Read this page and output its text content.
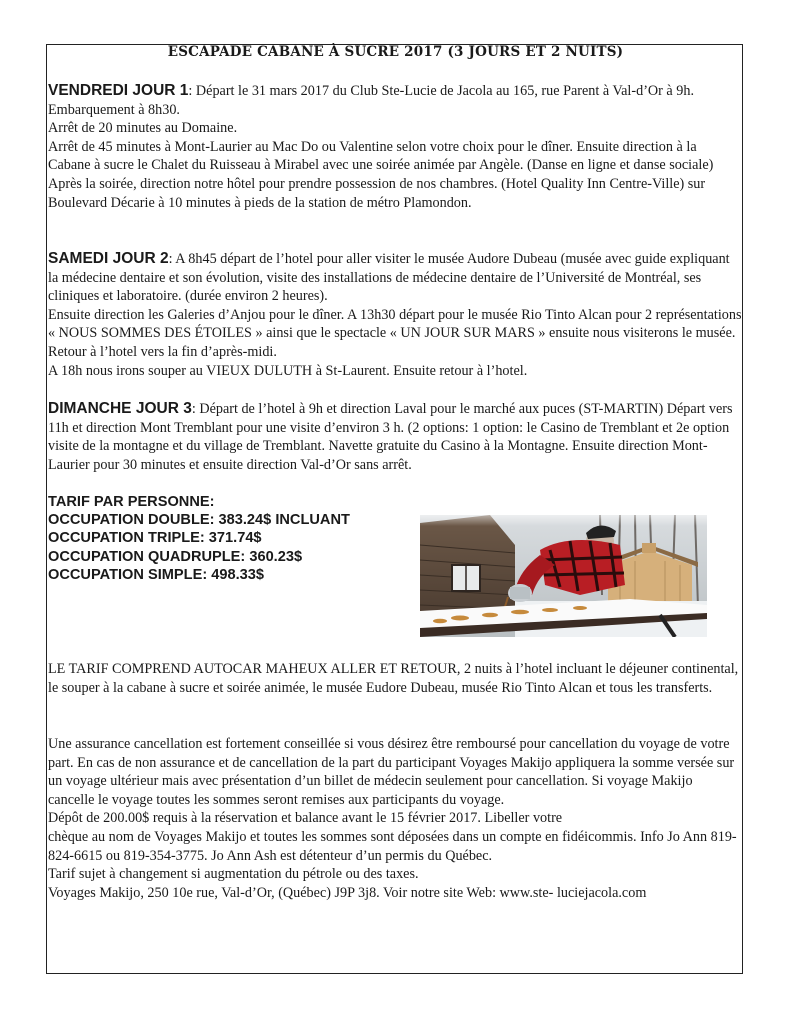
ESCAPADE CABANE À SUCRE 2017 (3 JOURS ET 2 NUITS)

VENDREDI JOUR 1: Départ le 31 mars 2017 du Club Ste-Lucie de Jacola au 165, rue Parent à Val-d’Or à 9h. Embarquement à 8h30.

Arrêt de 20 minutes au Domaine.

Arrêt de 45 minutes à Mont-Laurier au Mac Do ou Valentine selon votre choix pour le dîner. Ensuite direction à la Cabane à sucre le Chalet du Ruisseau à Mirabel avec une soirée animée par Angèle. (Danse en ligne et danse sociale)

Après la soirée, direction notre hôtel pour prendre possession de nos chambres. (Hotel Quality Inn Centre-Ville) sur Boulevard Décarie à 10 minutes à pieds de la station de métro Plamondon.

SAMEDI JOUR 2: A 8h45 départ de l’hotel pour aller visiter le musée Audore Dubeau (musée avec guide expliquant la médecine dentaire et son évolution, visite des installations de médecine dentaire de l’Université de Montréal, ses cliniques et laboratoire. (durée environ 2 heures).

Ensuite direction les Galeries d’Anjou pour le dîner. A 13h30 départ pour le musée Rio Tinto Alcan pour 2 représentations « NOUS SOMMES DES ÉTOILES » ainsi que le spectacle « UN JOUR SUR MARS » ensuite nous visiterons le musée. Retour à l’hotel vers la fin d’après-midi.

A 18h nous irons souper au VIEUX DULUTH à St-Laurent. Ensuite retour à l’hotel.

DIMANCHE JOUR 3: Départ de l’hotel à 9h et direction Laval pour le marché aux puces (ST-MARTIN) Départ vers 11h et direction Mont Tremblant pour une visite d’environ 3 h. (2 options: 1 option: le Casino de Tremblant et 2e option visite de la montagne et du village de Tremblant. Navette gratuite du Casino à la Montagne. Ensuite direction Mont-Laurier pour 30 minutes et ensuite direction Val-d’Or sans arrêt.

TARIF PAR PERSONNE:
OCCUPATION DOUBLE: 383.24$ INCLUANT
OCCUPATION TRIPLE: 371.74$
OCCUPATION QUADRUPLE: 360.23$
OCCUPATION SIMPLE: 498.33$

LE TARIF COMPREND AUTOCAR MAHEUX ALLER ET RETOUR, 2 nuits à l’hotel incluant le déjeuner continental, le souper à la cabane à sucre et soirée animée, le musée Eudore Dubeau, musée Rio Tinto Alcan et tous les transferts.

Une assurance cancellation est fortement conseillée si vous désirez être remboursé pour cancellation du voyage de votre part. En cas de non assurance et de cancellation de la part du participant Voyages Makijo appliquera la somme versée sur un voyage ultérieur mais avec présentation d’un billet de médecin seulement pour cancellation. Si voyage Makijo cancelle le voyage toutes les sommes seront remises aux participants du voyage.

Dépôt de 200.00$ requis à la réservation et balance avant le 15 février 2017. Libeller votre

chèque au nom de Voyages Makijo et toutes les sommes sont déposées dans un compte en fidéicommis. Info Jo Ann 819-824-6615 ou 819-354-3775. Jo Ann Ash est détenteur d’un permis du Québec.

Tarif sujet à changement si augmentation du pétrole ou des taxes.

Voyages Makijo, 250 10e rue, Val-d’Or, (Québec) J9P 3j8. Voir notre site Web: www.ste- luciejacola.com
